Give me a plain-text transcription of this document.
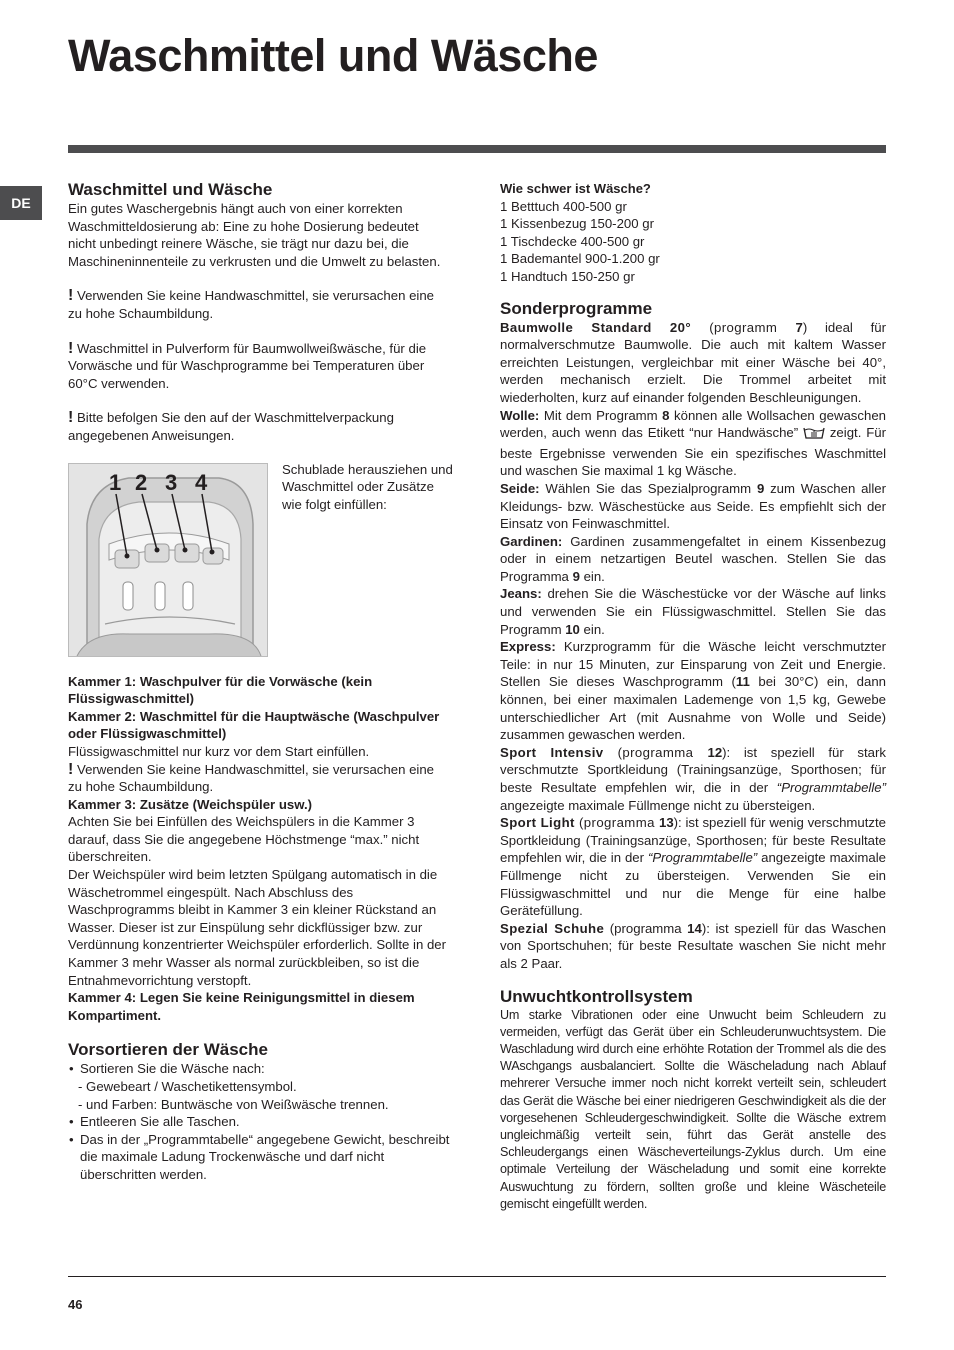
Waschmittel und Wäsche
DE
Waschmittel und Wäsche

Ein gutes Waschergebnis hängt auch von einer korrekten Waschmitteldosierung ab: Eine zu hohe Dosierung bedeutet nicht unbedingt reinere Wäsche, sie trägt nur dazu bei, die Maschineninnenteile zu verkrusten und die Umwelt zu belasten.

! Verwenden Sie keine Handwaschmittel, sie verursachen eine zu hohe Schaumbildung.

! Waschmittel in Pulverform für Baumwollweißwäsche, für die Vorwäsche und für Waschprogramme bei Temperaturen über 60°C verwenden.

! Bitte befolgen Sie den auf der Waschmittelverpackung angegebenen Anweisungen.

1 2 3 4

Schublade herausziehen und Waschmittel oder Zusätze wie folgt einfüllen:

Kammer 1: Waschpulver für die Vorwäsche (kein Flüssigwaschmittel)

Kammer 2: Waschmittel für die Hauptwäsche (Waschpulver oder Flüssigwaschmittel)

Flüssigwaschmittel nur kurz vor dem Start einfüllen.

! Verwenden Sie keine Handwaschmittel, sie verursachen eine zu hohe Schaumbildung.

Kammer 3: Zusätze (Weichspüler usw.)

Achten Sie bei Einfüllen des Weichspülers in die Kammer 3 darauf, dass Sie die angegebene Höchstmenge “max.” nicht überschreiten.

Der Weichspüler wird beim letzten Spülgang automatisch in die Wäschetrommel eingespült. Nach Abschluss des Waschprogramms bleibt in Kammer 3 ein kleiner Rückstand an Wasser. Dieser ist zur Einspülung sehr dickflüssiger bzw. zur Verdünnung konzentrierter Weichspüler erforderlich. Sollte in der Kammer 3 mehr Wasser als normal zurückbleiben, so ist die Entnahmevorrichtung verstopft.

Kammer 4: Legen Sie keine Reinigungsmittel in diesem Kompartiment.

Vorsortieren der Wäsche
• Sortieren Sie die Wäsche nach:

- Gewebeart / Waschetikettensymbol.

- und Farben: Buntwäsche von Weißwäsche trennen.

• Entleeren Sie alle Taschen.
• Das in der „Programmtabelle“ angegebene Gewicht, beschreibt die maximale Ladung Trockenwäsche und darf nicht überschritten werden.

Wie schwer ist Wäsche?

1 Betttuch 400-500 gr

1 Kissenbezug 150-200 gr

1 Tischdecke 400-500 gr

1 Bademantel 900-1.200 gr

1 Handtuch 150-250 gr

Sonderprogramme

Baumwolle Standard 20° (programm 7) ideal für normalverschmutze Baumwolle. Die auch mit kaltem Wasser erreichten Leistungen, vergleichbar mit einer Wäsche bei 40°, werden mechanisch erzielt. Die Trommel arbeitet mit wiederholten, kurz auf einander folgenden Beschleunigungen.

Wolle: Mit dem Programm 8 können alle Wollsachen gewaschen werden, auch wenn das Etikett “nur Handwäsche”  zeigt. Für beste Ergebnisse verwenden Sie ein spezifisches Waschmittel und waschen Sie maximal 1 kg Wäsche.

Seide: Wählen Sie das Spezialprogramm 9 zum Waschen aller Kleidungs- bzw. Wäschestücke aus Seide. Es empfiehlt sich der Einsatz von Feinwaschmittel.

Gardinen: Gardinen zusammengefaltet in einem Kissenbezug oder in einem netzartigen Beutel waschen. Stellen Sie das Programma 9 ein.

Jeans: drehen Sie die Wäschestücke vor der Wäsche auf links und verwenden Sie ein Flüssigwaschmittel. Stellen Sie das Programm 10 ein.

Express: Kurzprogramm für die Wäsche leicht verschmutzter Teile: in nur 15 Minuten, zur Einsparung von Zeit und Energie. Stellen Sie dieses Waschprogramm (11 bei 30°C) ein, dann können, bei einer maximalen Lademenge von 1,5 kg, Gewebe unterschiedlicher Art (mit Ausnahme von Wolle und Seide) zusammen gewaschen werden.

Sport Intensiv (programma 12): ist speziell für stark verschmutzte Sportkleidung (Trainingsanzüge, Sporthosen; für beste Resultate empfehlen wir, die in der “Programmtabelle” angezeigte maximale Füllmenge nicht zu übersteigen.

Sport Light (programma 13): ist speziell für wenig verschmutzte Sportkleidung (Trainingsanzüge, Sporthosen; für beste Resultate empfehlen wir, die in der “Programmtabelle” angezeigte maximale Füllmenge nicht zu übersteigen. Verwenden Sie ein Flüssigwaschmittel und nur die Menge für eine halbe Gerätefüllung.

Spezial Schuhe (programma 14): ist speziell für das Waschen von Sportschuhen; für beste Resultate waschen Sie nicht mehr als 2 Paar.

Unwuchtkontrollsystem

Um starke Vibrationen oder eine Unwucht beim Schleudern zu vermeiden, verfügt das Gerät über ein Schleuderunwuchtsystem. Die Waschladung wird durch eine erhöhte Rotation der Trommel als die des WAschgangs ausbalanciert. Sollte die Wäscheladung nach Ablauf mehrerer Versuche immer noch nicht korrekt verteilt sein, schleudert das Gerät die Wäsche bei einer niedrigeren Geschwindigkeit als die der vorgesehenen Schleudergeschwindigkeit. Sollte die Wäsche extrem ungleichmäßig verteilt sein, führt das Gerät anstelle des Schleudergangs einen Wäscheverteilungs-Zyklus durch. Um eine optimale Verteilung der Wäscheladung und somit eine korrekte Auswuchtung zu fördern, sollten große und kleine Wäscheteile gemischt eingefüllt werden.

46
